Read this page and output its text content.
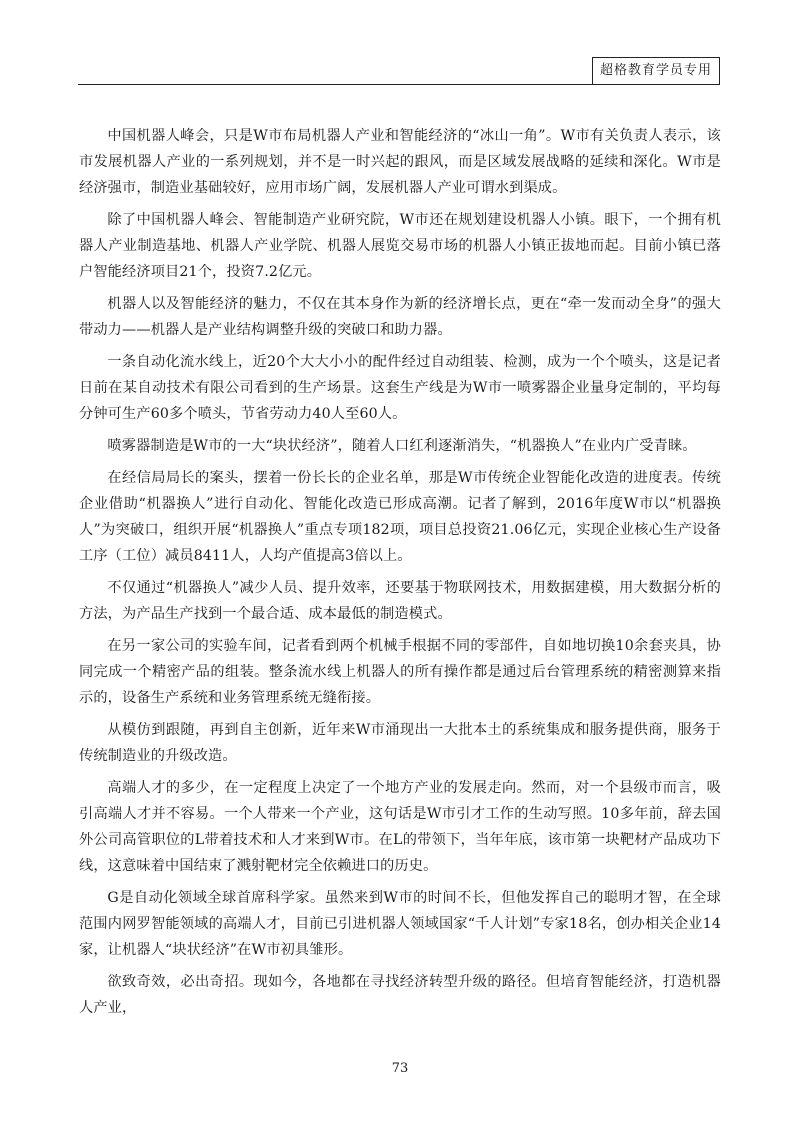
超格教育学员专用

中国机器人峰会，只是W市布局机器人产业和智能经济的“冰山一角”。W市有关负责人表示，该市发展机器人产业的一系列规划，并不是一时兴起的跟风，而是区域发展战略的延续和深化。W市是经济强市，制造业基础较好，应用市场广阔，发展机器人产业可谓水到渠成。

除了中国机器人峰会、智能制造产业研究院，W市还在规划建设机器人小镇。眼下，一个拥有机器人产业制造基地、机器人产业学院、机器人展览交易市场的机器人小镇正拔地而起。目前小镇已落户智能经济项目21个，投资7.2亿元。

机器人以及智能经济的魅力，不仅在其本身作为新的经济增长点，更在“牵一发而动全身”的强大带动力——机器人是产业结构调整升级的突破口和助力器。

一条自动化流水线上，近20个大大小小的配件经过自动组装、检测，成为一个个喷头，这是记者日前在某自动技术有限公司看到的生产场景。这套生产线是为W市一喷雾器企业量身定制的，平均每分钟可生产60多个喷头，节省劳动力40人至60人。

喷雾器制造是W市的一大“块状经济”，随着人口红利逐渐消失，“机器换人”在业内广受青睐。

在经信局局长的案头，摆着一份长长的企业名单，那是W市传统企业智能化改造的进度表。传统企业借助“机器换人”进行自动化、智能化改造已形成高潮。记者了解到，2016年度W市以“机器换人”为突破口，组织开展“机器换人”重点专项182项，项目总投资21.06亿元，实现企业核心生产设备工序（工位）减员8411人，人均产值提高3倍以上。

不仅通过“机器换人”减少人员、提升效率，还要基于物联网技术，用数据建模，用大数据分析的方法，为产品生产找到一个最合适、成本最低的制造模式。

在另一家公司的实验车间，记者看到两个机械手根据不同的零部件，自如地切换10余套夹具，协同完成一个精密产品的组装。整条流水线上机器人的所有操作都是通过后台管理系统的精密测算来指示的，设备生产系统和业务管理系统无缝衔接。

从模仿到跟随，再到自主创新，近年来W市涌现出一大批本土的系统集成和服务提供商，服务于传统制造业的升级改造。

高端人才的多少，在一定程度上决定了一个地方产业的发展走向。然而，对一个县级市而言，吸引高端人才并不容易。一个人带来一个产业，这句话是W市引才工作的生动写照。10多年前，辞去国外公司高管职位的L带着技术和人才来到W市。在L的带领下，当年年底，该市第一块靶材产品成功下线，这意味着中国结束了溅射靶材完全依赖进口的历史。

G是自动化领域全球首席科学家。虽然来到W市的时间不长，但他发挥自己的聪明才智，在全球范围内网罗智能领域的高端人才，目前已引进机器人领域国家“千人计划”专家18名，创办相关企业14家，让机器人“块状经济”在W市初具雏形。

欲致奇效，必出奇招。现如今，各地都在寻找经济转型升级的路径。但培育智能经济，打造机器人产业，

73
